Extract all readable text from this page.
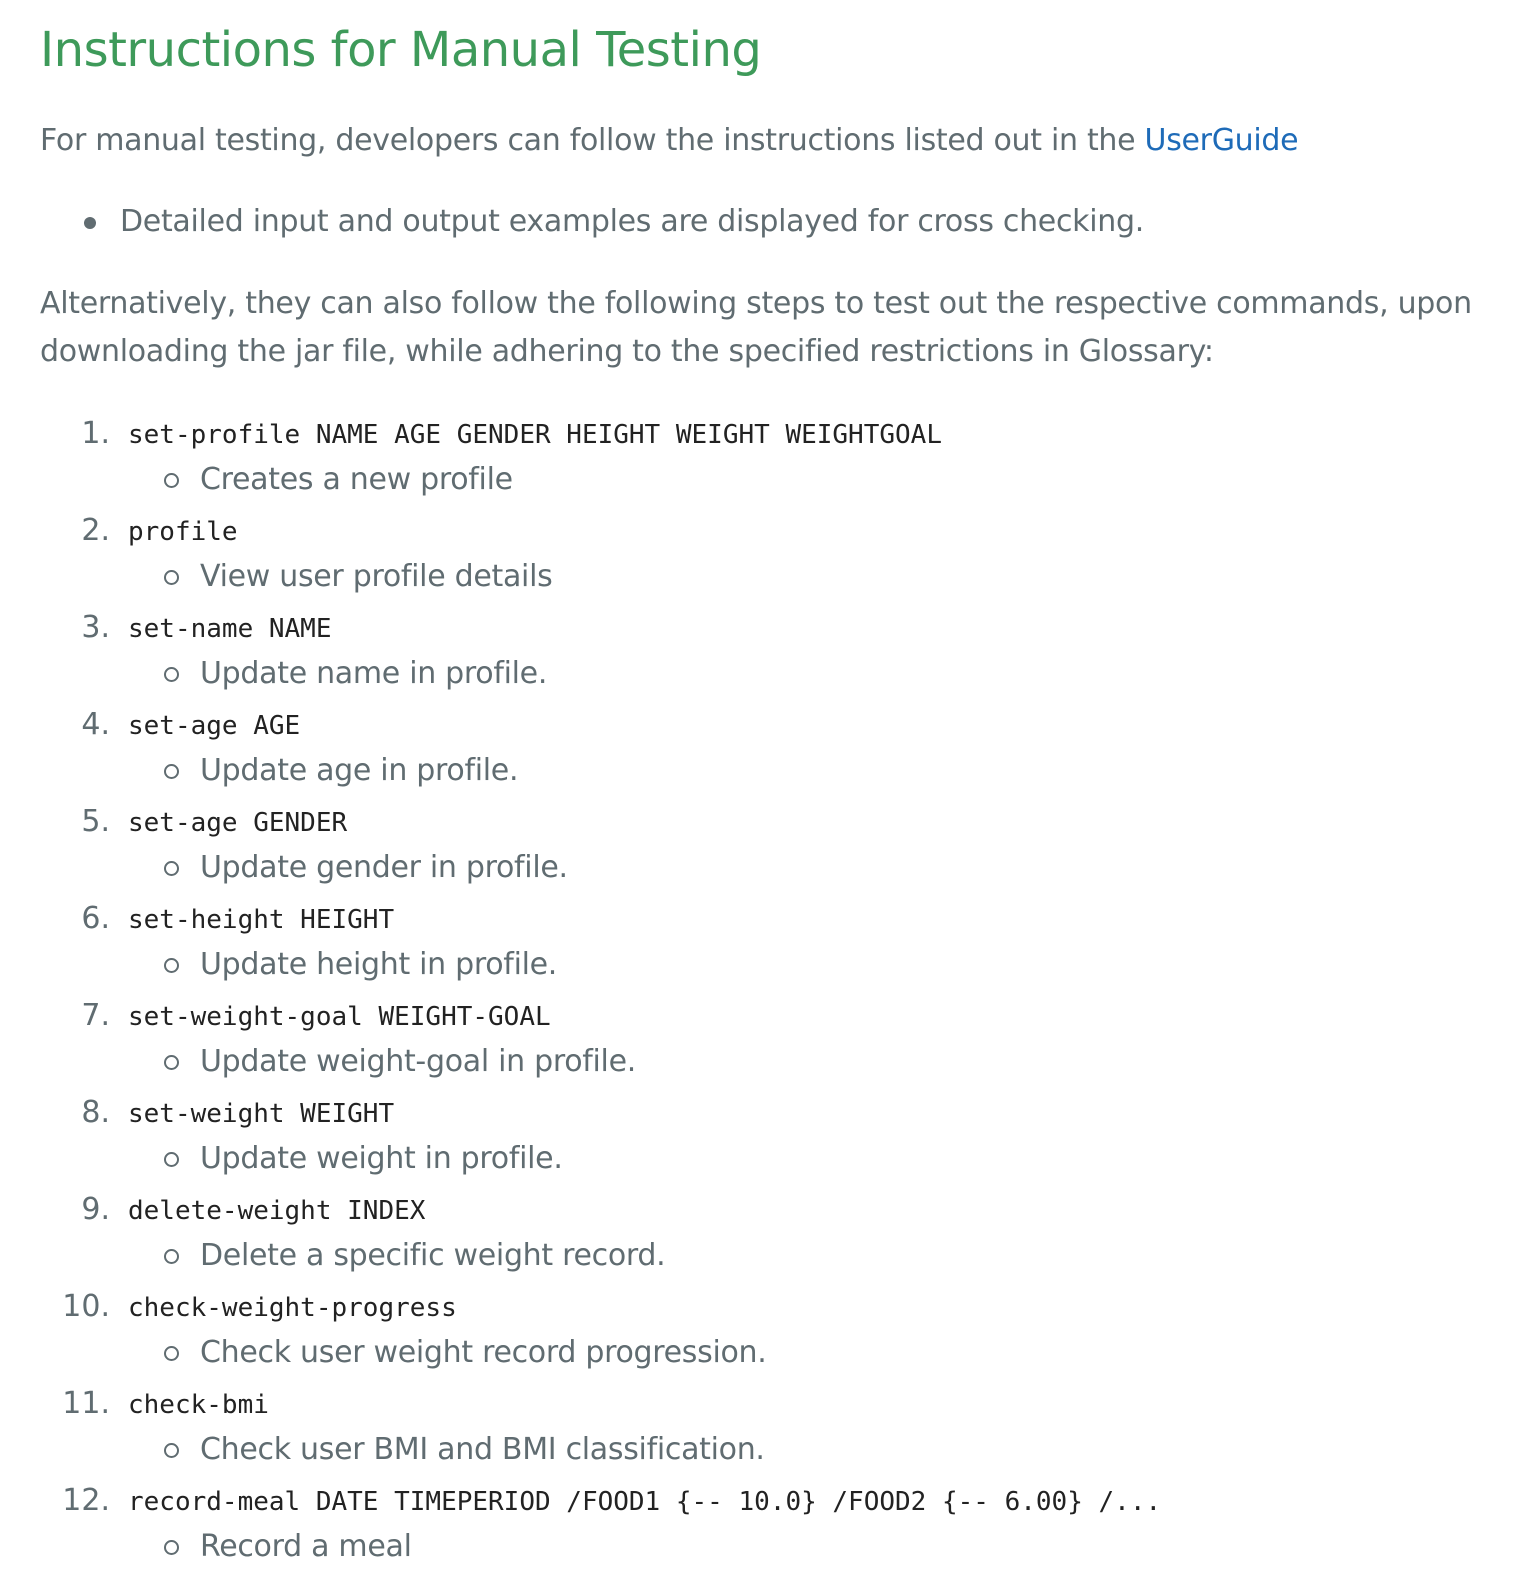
Instructions for Manual Testing

For manual testing, developers can follow the instructions listed out in the UserGuide

Detailed input and output examples are displayed for cross checking.

Alternatively, they can also follow the following steps to test out the respective commands, upon downloading the jar file, while adhering to the specified restrictions in Glossary:

1. set-profile NAME AGE GENDER HEIGHT WEIGHT WEIGHTGOAL
Creates a new profile
2. profile
View user profile details
3. set-name NAME
Update name in profile.
4. set-age AGE
Update age in profile.
5. set-age GENDER
Update gender in profile.
6. set-height HEIGHT
Update height in profile.
7. set-weight-goal WEIGHT-GOAL
Update weight-goal in profile.
8. set-weight WEIGHT
Update weight in profile.
9. delete-weight INDEX
Delete a specific weight record.
10. check-weight-progress
Check user weight record progression.
11. check-bmi
Check user BMI and BMI classification.
12. record-meal DATE TIMEPERIOD /FOOD1 {-- 10.0} /FOOD2 {-- 6.00} /...
Record a meal
